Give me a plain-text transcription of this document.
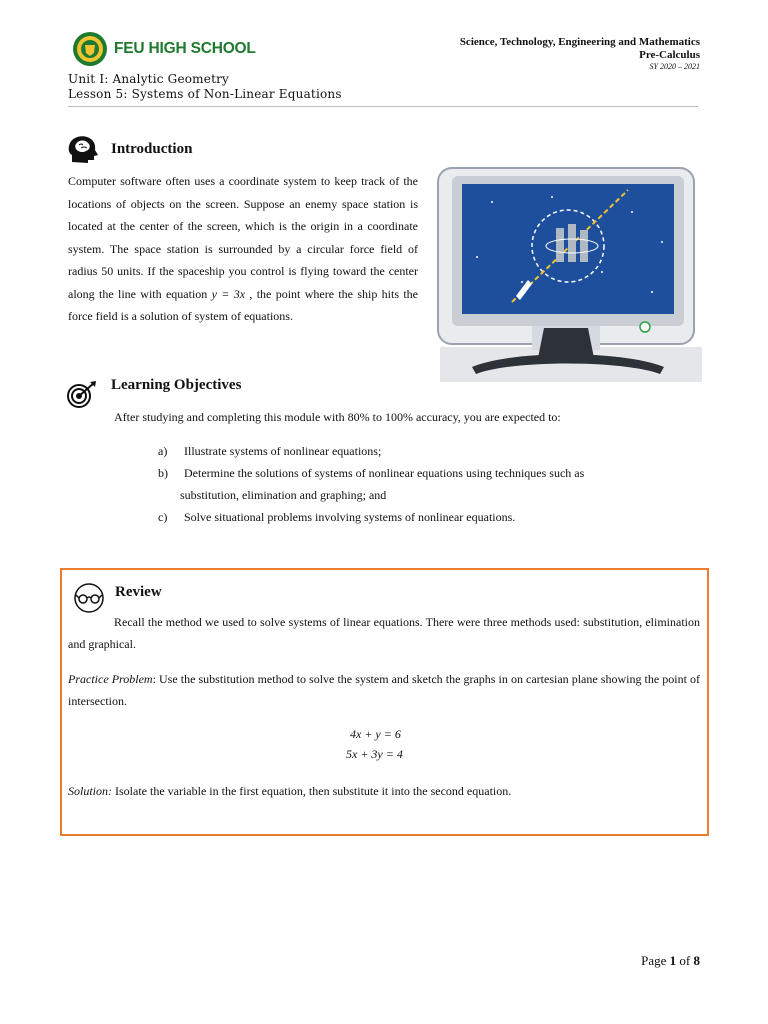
FEU HIGH SCHOOL	Science, Technology, Engineering and Mathematics
Pre-Calculus
SY 2020 – 2021
Unit I: Analytic Geometry
Lesson 5: Systems of Non-Linear Equations
Introduction
Computer software often uses a coordinate system to keep track of the locations of objects on the screen. Suppose an enemy space station is located at the center of the screen, which is the origin in a coordinate system. The space station is surrounded by a circular force field of radius 50 units. If the spaceship you control is flying toward the center along the line with equation y = 3x , the point where the ship hits the force field is a solution of system of equations.
Learning Objectives
After studying and completing this module with 80% to 100% accuracy, you are expected to:
a) Illustrate systems of nonlinear equations;
b) Determine the solutions of systems of nonlinear equations using techniques such as
substitution, elimination and graphing; and
c) Solve situational problems involving systems of nonlinear equations.
Review
Recall the method we used to solve systems of linear equations. There were three methods used: substitution, elimination and graphical.
Practice Problem: Use the substitution method to solve the system and sketch the graphs in on cartesian plane showing the point of intersection.
4x + y = 6
5x + 3y = 4
Solution: Isolate the variable in the first equation, then substitute it into the second equation.
Page 1 of 8
